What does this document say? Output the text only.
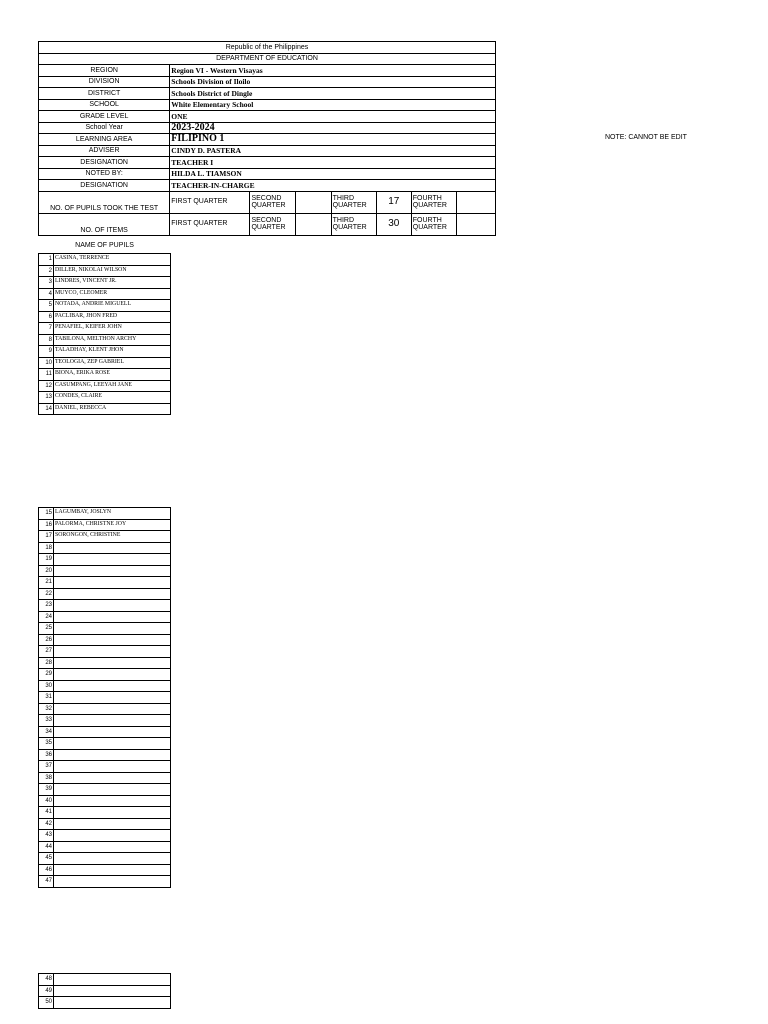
Republic of the Philippines							
DEPARTMENT OF EDUCATION							
REGION	Region VI - Western Visayas						
DIVISION	Schools Division of Iloilo						
DISTRICT	Schools District of Dingle						
SCHOOL	White Elementary School						
GRADE LEVEL	ONE						
School Year	2023-2024						
LEARNING AREA	FILIPINO 1						
ADVISER	CINDY D. PASTERA						
DESIGNATION	TEACHER I						
NOTED BY:	HILDA L. TIAMSON						
DESIGNATION	TEACHER-IN-CHARGE						
NO. OF PUPILS TOOK THE TEST	FIRST QUARTER	SECOND QUARTER		THIRD QUARTER	17	FOURTH QUARTER	
NO. OF ITEMS	FIRST QUARTER	SECOND QUARTER		THIRD QUARTER	30	FOURTH QUARTER	
NOTE: CANNOT BE EDIT
NAME OF PUPILS	
1	CASINA, TERRENCE
2	DILLER, NIKOLAI WILSON
3	LINDRES, VINCENT JR.
4	MUYCO, CLEOMER
5	NOTADA, ANDRIE MIGUELL
6	PACLIBAR, JHON FRED
7	PENAFIEL, KEIFER JOHN
8	TABILONA, MELTHON ARCHY
9	TALADHAY, KLENT JHON
10	TEOLOGIA, ZEP GABRIEL
11	BIONA, ERIKA ROSE
12	CASUMPANG, LEEYAH JANE
13	CONDES, CLAIRE
14	DANIEL, REBECCA
15	LAGUMBAY, JOSLYN
16	PALORMA, CHRISTNE JOY
17	SORONGON, CHRISTINE
18	
19	
20	
21	
22	
23	
24	
25	
26	
27	
28	
29	
30	
31	
32	
33	
34	
35	
36	
37	
38	
39	
40	
41	
42	
43	
44	
45	
46	
47	
48	
49	
50	
